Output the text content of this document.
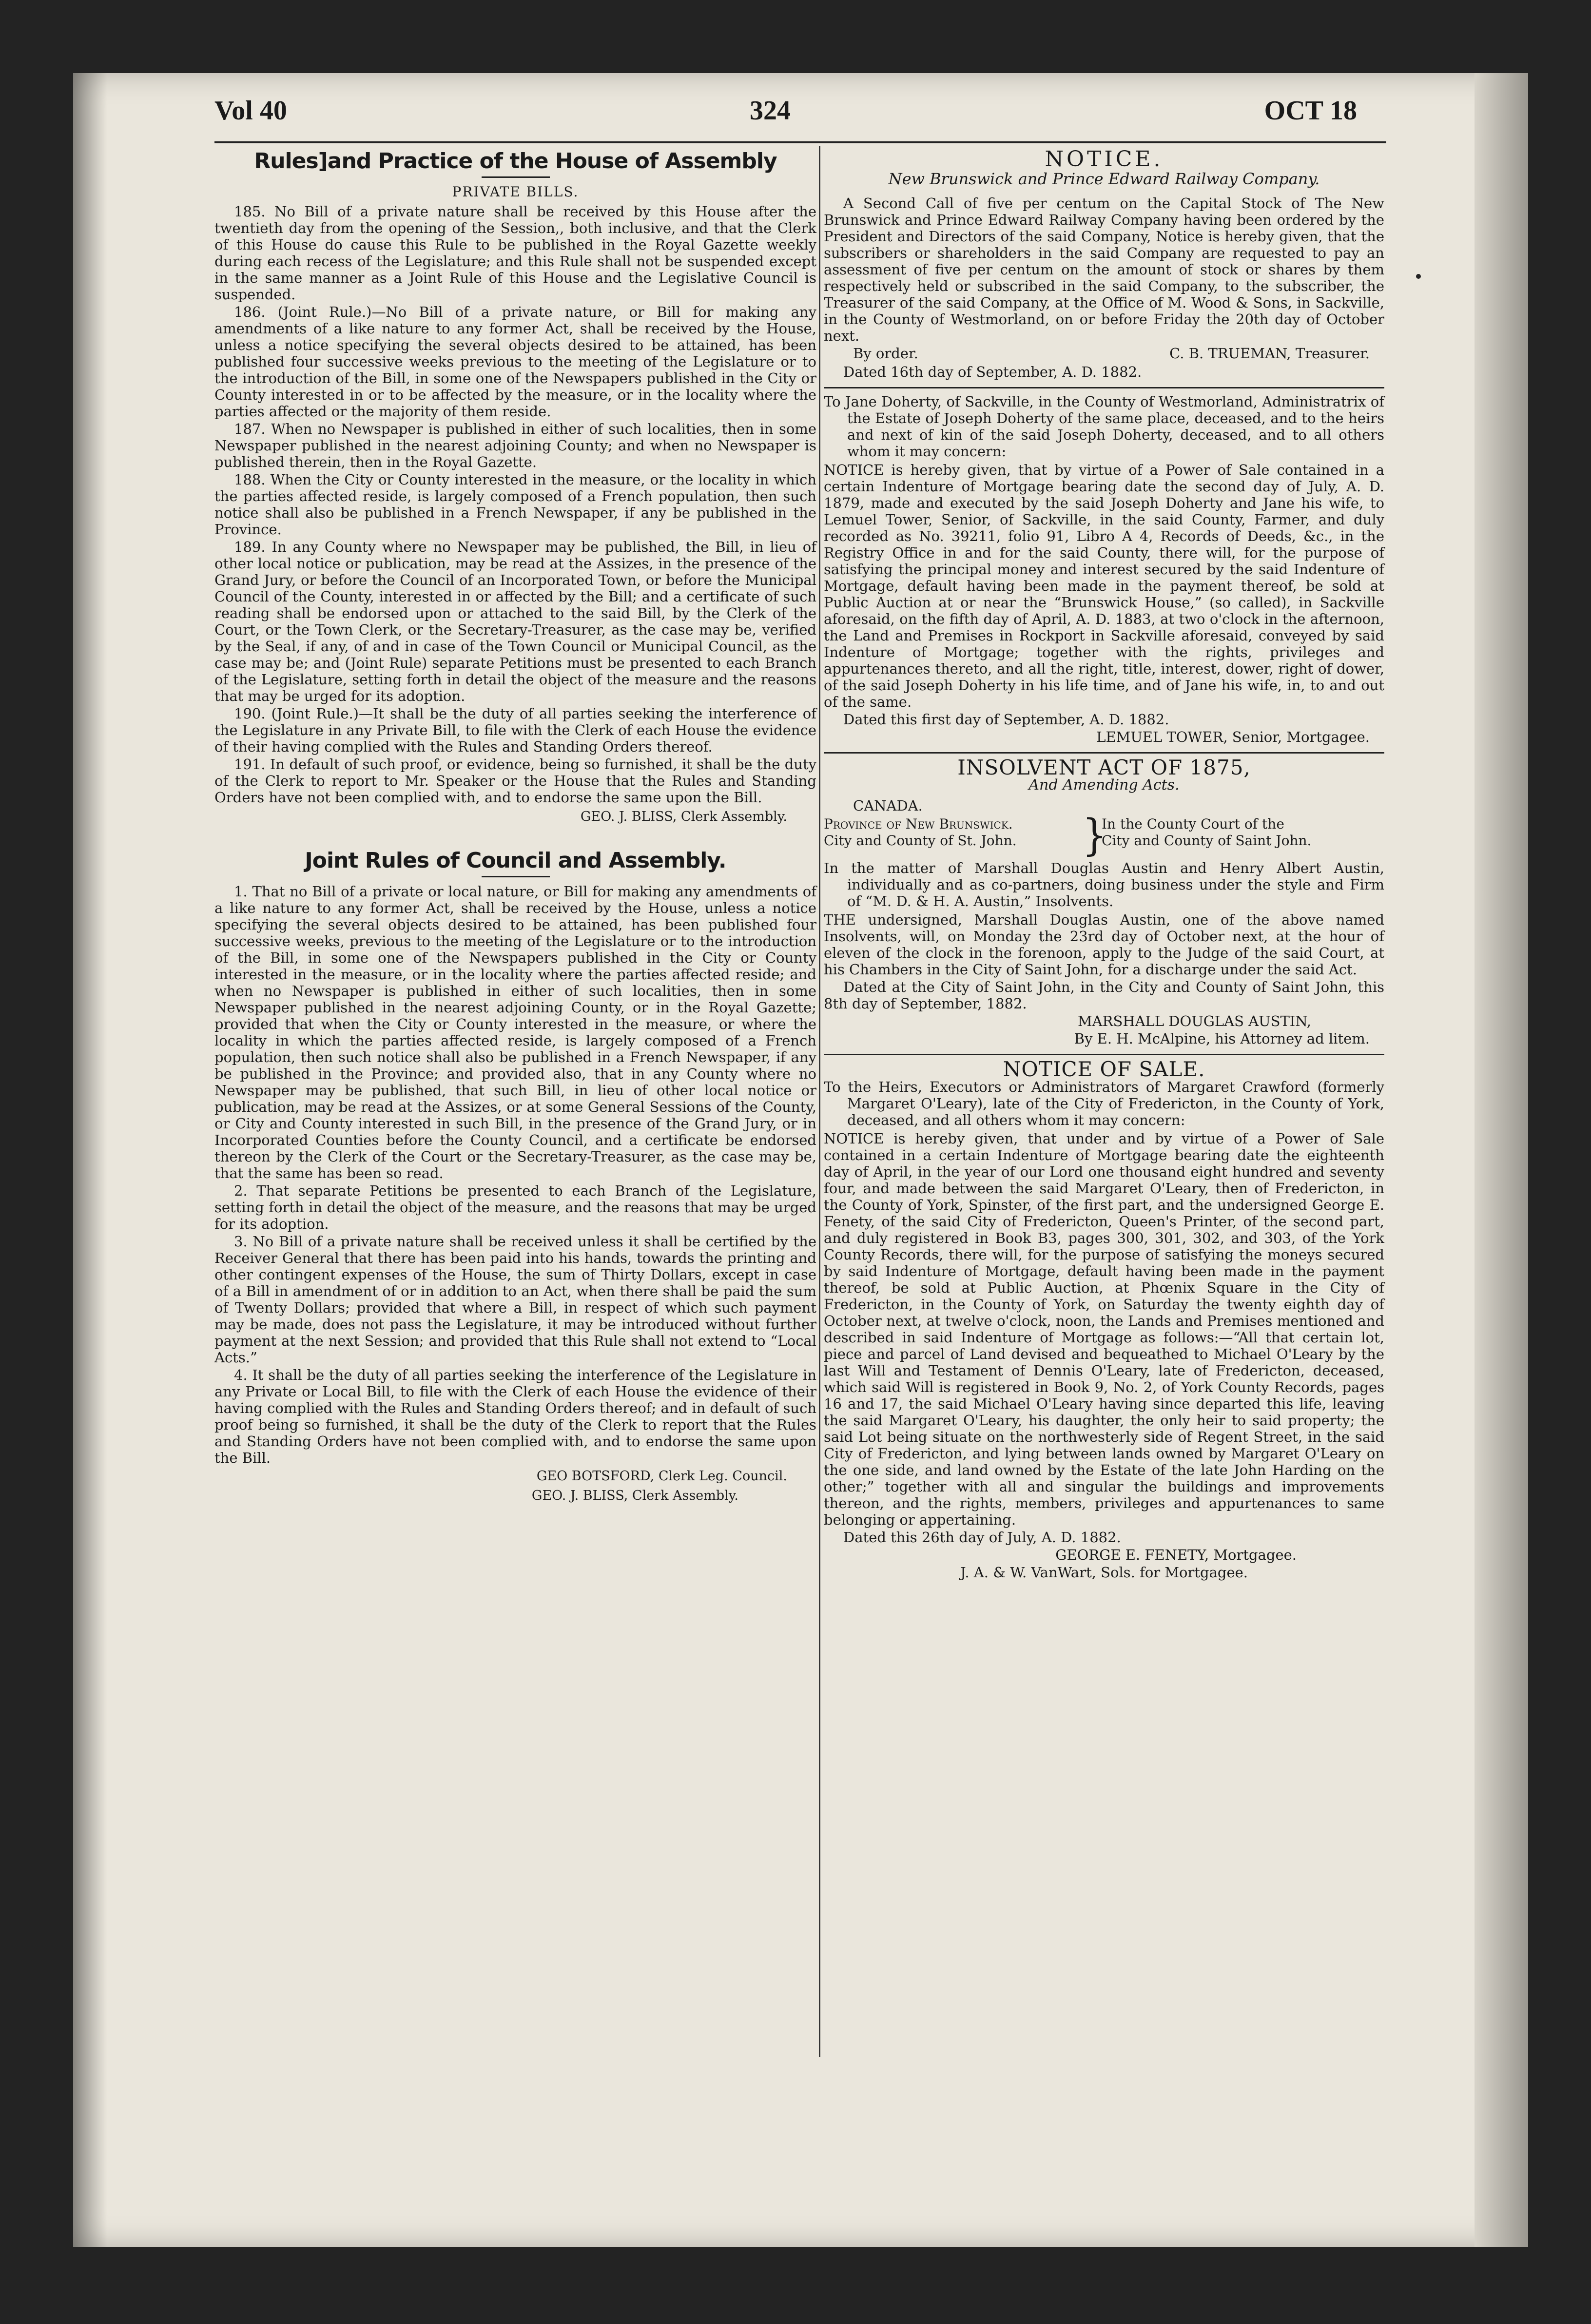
Vol 40	324	OCT 18
Rules]and Practice of the House of Assembly
PRIVATE BILLS.

185. No Bill of a private nature shall be received by this House after the twentieth day from the opening of the Session,, both inclusive, and that the Clerk of this House do cause this Rule to be published in the Royal Gazette weekly during each recess of the Legislature; and this Rule shall not be suspended except in the same manner as a Joint Rule of this House and the Legislative Council is suspended.

186. (Joint Rule.)—No Bill of a private nature, or Bill for making any amendments of a like nature to any former Act, shall be received by the House, unless a notice specifying the several objects desired to be attained, has been published four successive weeks previous to the meeting of the Legislature or to the introduction of the Bill, in some one of the Newspapers published in the City or County interested in or to be affected by the measure, or in the locality where the parties affected or the majority of them reside.

187. When no Newspaper is published in either of such localities, then in some Newspaper published in the nearest adjoining County; and when no Newspaper is published therein, then in the Royal Gazette.

188. When the City or County interested in the measure, or the locality in which the parties affected reside, is largely composed of a French population, then such notice shall also be published in a French Newspaper, if any be published in the Province.

189. In any County where no Newspaper may be published, the Bill, in lieu of other local notice or publication, may be read at the Assizes, in the presence of the Grand Jury, or before the Council of an Incorporated Town, or before the Municipal Council of the County, interested in or affected by the Bill; and a certificate of such reading shall be endorsed upon or attached to the said Bill, by the Clerk of the Court, or the Town Clerk, or the Secretary-Treasurer, as the case may be, verified by the Seal, if any, of and in case of the Town Council or Municipal Council, as the case may be; and (Joint Rule) separate Petitions must be presented to each Branch of the Legislature, setting forth in detail the object of the measure and the reasons that may be urged for its adoption.

190. (Joint Rule.)—It shall be the duty of all parties seeking the interference of the Legislature in any Private Bill, to file with the Clerk of each House the evidence of their having complied with the Rules and Standing Orders thereof.

191. In default of such proof, or evidence, being so furnished, it shall be the duty of the Clerk to report to Mr. Speaker or the House that the Rules and Standing Orders have not been complied with, and to endorse the same upon the Bill.

GEO. J. BLISS, Clerk Assembly.
Joint Rules of Council and Assembly.

1. That no Bill of a private or local nature, or Bill for making any amendments of a like nature to any former Act, shall be received by the House, unless a notice specifying the several objects desired to be attained, has been published four successive weeks, previous to the meeting of the Legislature or to the introduction of the Bill, in some one of the Newspapers published in the City or County interested in the measure, or in the locality where the parties affected reside; and when no Newspaper is published in either of such localities, then in some Newspaper published in the nearest adjoining County, or in the Royal Gazette; provided that when the City or County interested in the measure, or where the locality in which the parties affected reside, is largely composed of a French population, then such notice shall also be published in a French Newspaper, if any be published in the Province; and provided also, that in any County where no Newspaper may be published, that such Bill, in lieu of other local notice or publication, may be read at the Assizes, or at some General Sessions of the County, or City and County interested in such Bill, in the presence of the Grand Jury, or in Incorporated Counties before the County Council, and a certificate be endorsed thereon by the Clerk of the Court or the Secretary-Treasurer, as the case may be, that the same has been so read.

2. That separate Petitions be presented to each Branch of the Legislature, setting forth in detail the object of the measure, and the reasons that may be urged for its adoption.

3. No Bill of a private nature shall be received unless it shall be certified by the Receiver General that there has been paid into his hands, towards the printing and other contingent expenses of the House, the sum of Thirty Dollars, except in case of a Bill in amendment of or in addition to an Act, when there shall be paid the sum of Twenty Dollars; provided that where a Bill, in respect of which such payment may be made, does not pass the Legislature, it may be introduced without further payment at the next Session; and provided that this Rule shall not extend to “Local Acts.”

4. It shall be the duty of all parties seeking the interference of the Legislature in any Private or Local Bill, to file with the Clerk of each House the evidence of their having complied with the Rules and Standing Orders thereof; and in default of such proof being so furnished, it shall be the duty of the Clerk to report that the Rules and Standing Orders have not been complied with, and to endorse the same upon the Bill.

GEO BOTSFORD, Clerk Leg. Council.
GEO. J. BLISS, Clerk Assembly.
NOTICE.
New Brunswick and Prince Edward Railway Company.

A Second Call of five per centum on the Capital Stock of The New Brunswick and Prince Edward Railway Company having been ordered by the President and Directors of the said Company, Notice is hereby given, that the subscribers or shareholders in the said Company are requested to pay an assessment of five per centum on the amount of stock or shares by them respectively held or subscribed in the said Company, to the subscriber, the Treasurer of the said Company, at the Office of M. Wood & Sons, in Sackville, in the County of Westmorland, on or before Friday the 20th day of October next.

By order.	C. B. TRUEMAN, Treasurer.

Dated 16th day of September, A. D. 1882.

To Jane Doherty, of Sackville, in the County of Westmorland, Administratrix of the Estate of Joseph Doherty of the same place, deceased, and to the heirs and next of kin of the said Joseph Doherty, deceased, and to all others whom it may concern:

NOTICE is hereby given, that by virtue of a Power of Sale contained in a certain Indenture of Mortgage bearing date the second day of July, A. D. 1879, made and executed by the said Joseph Doherty and Jane his wife, to Lemuel Tower, Senior, of Sackville, in the said County, Farmer, and duly recorded as No. 39211, folio 91, Libro A 4, Records of Deeds, &c., in the Registry Office in and for the said County, there will, for the purpose of satisfying the principal money and interest secured by the said Indenture of Mortgage, default having been made in the payment thereof, be sold at Public Auction at or near the “Brunswick House,” (so called), in Sackville aforesaid, on the fifth day of April, A. D. 1883, at two o'clock in the afternoon, the Land and Premises in Rockport in Sackville aforesaid, conveyed by said Indenture of Mortgage; together with the rights, privileges and appurtenances thereto, and all the right, title, interest, dower, right of dower, of the said Joseph Doherty in his life time, and of Jane his wife, in, to and out of the same.

Dated this first day of September, A. D. 1882.

LEMUEL TOWER, Senior, Mortgagee.
INSOLVENT ACT OF 1875,
And Amending Acts.
CANADA.
Province of New Brunswick.
City and County of St. John.	}
In the County Court of the
City and County of Saint John.

In the matter of Marshall Douglas Austin and Henry Albert Austin, individually and as co-partners, doing business under the style and Firm of “M. D. & H. A. Austin,” Insolvents.

THE undersigned, Marshall Douglas Austin, one of the above named Insolvents, will, on Monday the 23rd day of October next, at the hour of eleven of the clock in the forenoon, apply to the Judge of the said Court, at his Chambers in the City of Saint John, for a discharge under the said Act.

Dated at the City of Saint John, in the City and County of Saint John, this 8th day of September, 1882.

MARSHALL DOUGLAS AUSTIN,
By E. H. McAlpine, his Attorney ad litem.
NOTICE OF SALE.

To the Heirs, Executors or Administrators of Margaret Crawford (formerly Margaret O'Leary), late of the City of Fredericton, in the County of York, deceased, and all others whom it may concern:

NOTICE is hereby given, that under and by virtue of a Power of Sale contained in a certain Indenture of Mortgage bearing date the eighteenth day of April, in the year of our Lord one thousand eight hundred and seventy four, and made between the said Margaret O'Leary, then of Fredericton, in the County of York, Spinster, of the first part, and the undersigned George E. Fenety, of the said City of Fredericton, Queen's Printer, of the second part, and duly registered in Book B3, pages 300, 301, 302, and 303, of the York County Records, there will, for the purpose of satisfying the moneys secured by said Indenture of Mortgage, default having been made in the payment thereof, be sold at Public Auction, at Phœnix Square in the City of Fredericton, in the County of York, on Saturday the twenty eighth day of October next, at twelve o'clock, noon, the Lands and Premises mentioned and described in said Indenture of Mortgage as follows:—“All that certain lot, piece and parcel of Land devised and bequeathed to Michael O'Leary by the last Will and Testament of Dennis O'Leary, late of Fredericton, deceased, which said Will is registered in Book 9, No. 2, of York County Records, pages 16 and 17, the said Michael O'Leary having since departed this life, leaving the said Margaret O'Leary, his daughter, the only heir to said property; the said Lot being situate on the northwesterly side of Regent Street, in the said City of Fredericton, and lying between lands owned by Margaret O'Leary on the one side, and land owned by the Estate of the late John Harding on the other;” together with all and singular the buildings and improvements thereon, and the rights, members, privileges and appurtenances to same belonging or appertaining.

Dated this 26th day of July, A. D. 1882.

GEORGE E. FENETY, Mortgagee.
J. A. & W. VanWart, Sols. for Mortgagee.
